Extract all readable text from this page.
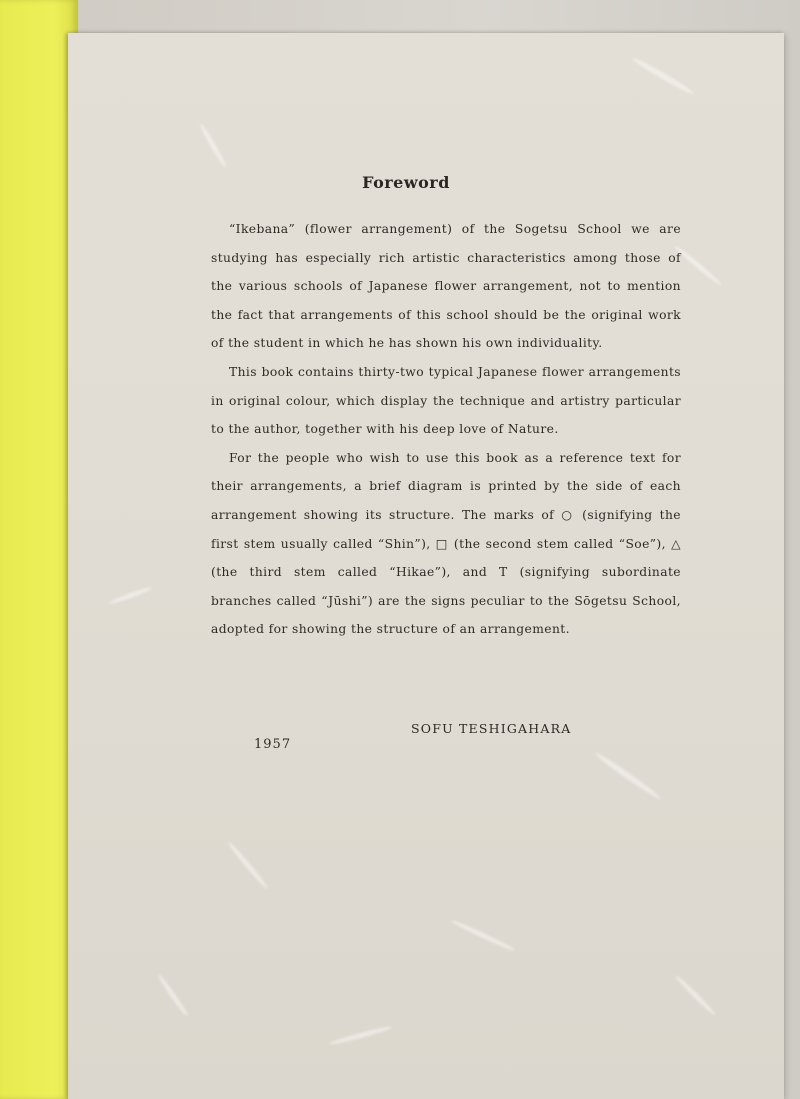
Foreword

“Ikebana” (flower arrangement) of the Sogetsu School we are studying has especially rich artistic characteristics among those of the various schools of Japanese flower arrangement, not to mention the fact that arrangements of this school should be the original work of the student in which he has shown his own individuality.

This book contains thirty-two typical Japanese flower arrangements in original colour, which display the technique and artistry particular to the author, together with his deep love of Nature.

For the people who wish to use this book as a reference text for their arrangements, a brief diagram is printed by the side of each arrangement showing its structure. The marks of ○ (signifying the first stem usually called “Shin”), □ (the second stem called “Soe”), △ (the third stem called “Hikae”), and T (signifying subordinate branches called “Jūshi”) are the signs peculiar to the Sōgetsu School, adopted for showing the structure of an arrangement.

SOFU TESHIGAHARA
1957
